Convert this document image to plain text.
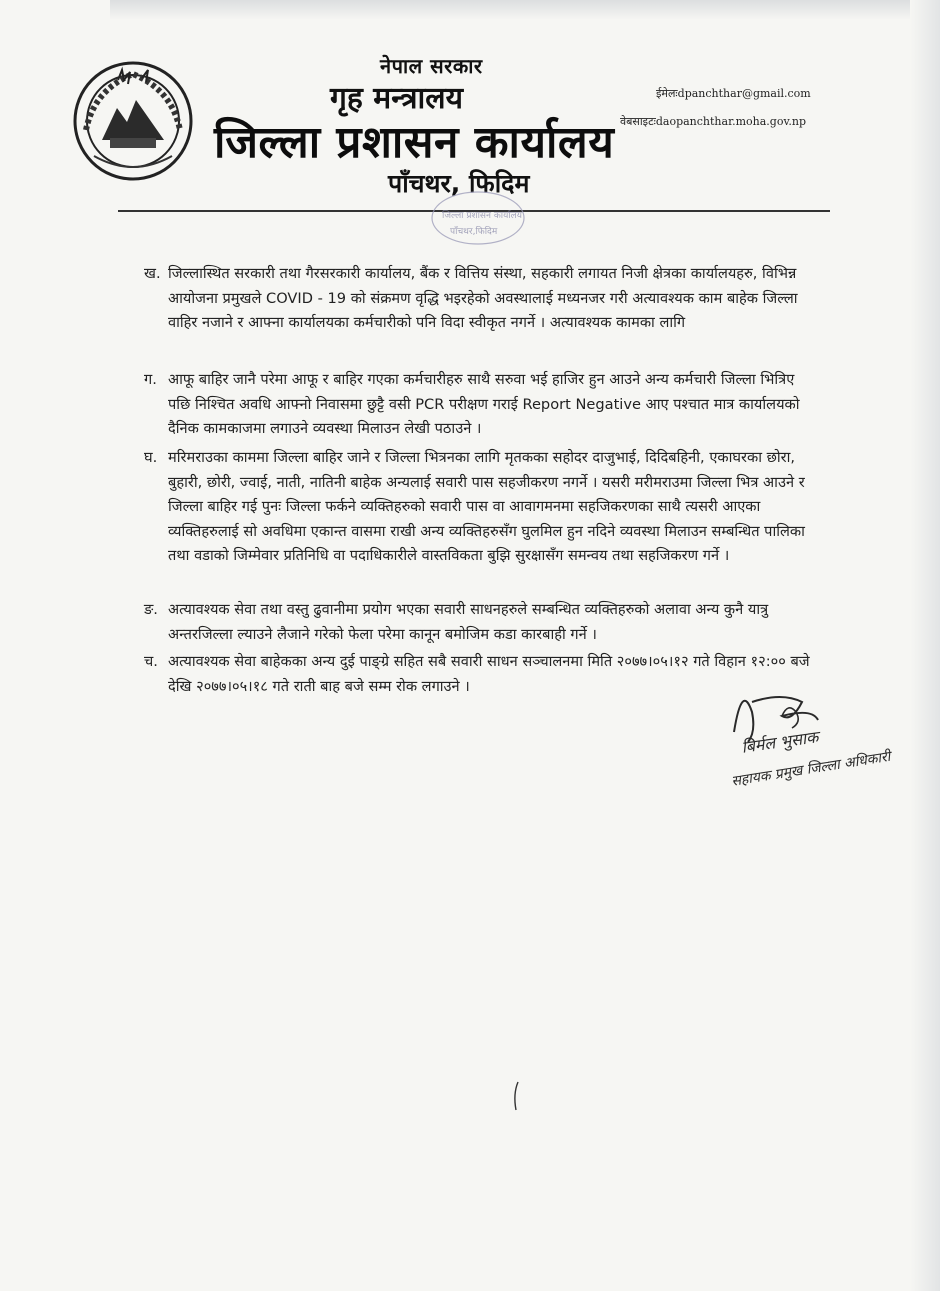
नेपाल सरकार
गृह मन्त्रालय
जिल्ला प्रशासन कार्यालय
पाँचथर, फिदिम
ईमेलःdpanchthar@gmail.com
वेबसाइटःdaopanchthar.moha.gov.np
जिल्ला प्रशासन कार्यालय
पाँचथर,फिदिम
ख. जिल्लास्थित सरकारी तथा गैरसरकारी कार्यालय, बैंक र वित्तिय संस्था, सहकारी लगायत निजी क्षेत्रका कार्यालयहरु, विभिन्न आयोजना प्रमुखले COVID - 19 को संक्रमण वृद्धि भइरहेको अवस्थालाई मध्यनजर गरी अत्यावश्यक काम बाहेक जिल्ला वाहिर नजाने र आफ्ना कार्यालयका कर्मचारीको पनि विदा स्वीकृत नगर्ने । अत्यावश्यक कामका लागि
ग. आफू बाहिर जानै परेमा आफू र बाहिर गएका कर्मचारीहरु साथै सरुवा भई हाजिर हुन आउने अन्य कर्मचारी जिल्ला भित्रिए पछि निश्चित अवधि आफ्नो निवासमा छुट्टै वसी PCR परीक्षण गराई Report Negative आए पश्चात मात्र कार्यालयको दैनिक कामकाजमा लगाउने व्यवस्था मिलाउन लेखी पठाउने ।
घ. मरिमराउका काममा जिल्ला बाहिर जाने र जिल्ला भित्रनका लागि मृतकका सहोदर दाजुभाई, दिदिबहिनी, एकाघरका छोरा, बुहारी, छोरी, ज्वाई, नाती, नातिनी बाहेक अन्यलाई सवारी पास सहजीकरण नगर्ने । यसरी मरीमराउमा जिल्ला भित्र आउने र जिल्ला बाहिर गई पुनः जिल्ला फर्कने व्यक्तिहरुको सवारी पास वा आवागमनमा सहजिकरणका साथै त्यसरी आएका व्यक्तिहरुलाई सो अवधिमा एकान्त वासमा राखी अन्य व्यक्तिहरुसँग घुलमिल हुन नदिने व्यवस्था मिलाउन सम्बन्धित पालिका तथा वडाको जिम्मेवार प्रतिनिधि वा पदाधिकारीले वास्तविकता बुझि सुरक्षासँग समन्वय तथा सहजिकरण गर्ने ।
ङ. अत्यावश्यक सेवा तथा वस्तु ढुवानीमा प्रयोग भएका सवारी साधनहरुले सम्बन्धित व्यक्तिहरुको अलावा अन्य कुनै यात्रु अन्तरजिल्ला ल्याउने लैजाने गरेको फेला परेमा कानून बमोजिम कडा कारबाही गर्ने ।
च. अत्यावश्यक सेवा बाहेकका अन्य दुई पाङ्ग्रे सहित सबै सवारी साधन सञ्चालनमा मिति २०७७।०५।१२ गते विहान १२:०० बजे देखि २०७७।०५।१८ गते राती बाह बजे सम्म रोक लगाउने ।
बिर्मल भुसाक
सहायक प्रमुख जिल्ला अधिकारी
